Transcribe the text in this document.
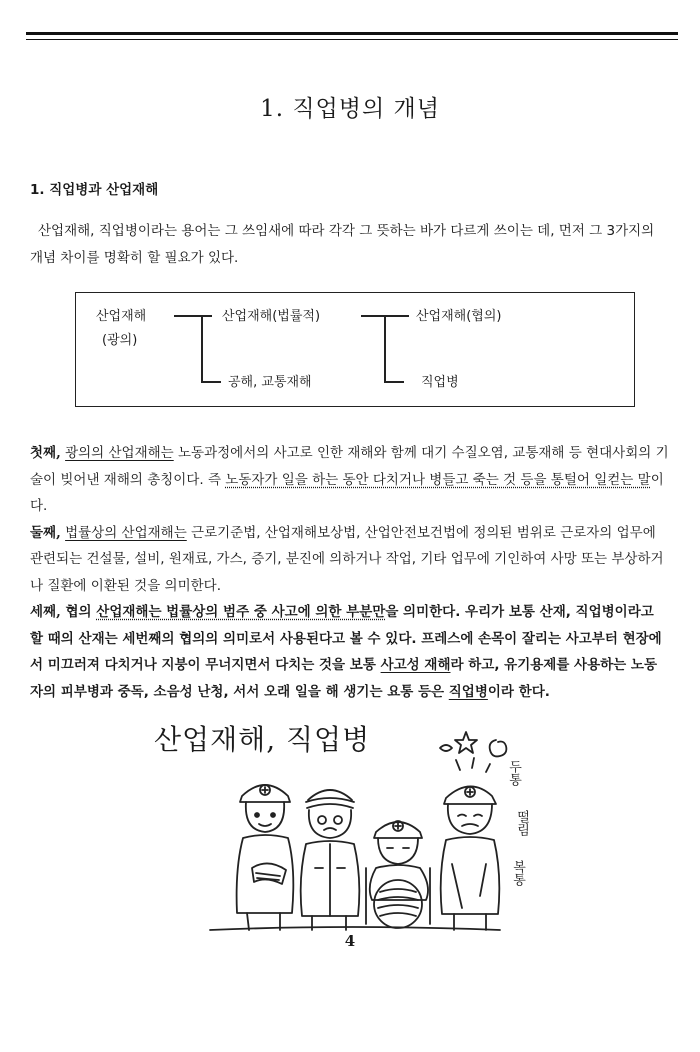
1. 직업병의 개념
1. 직업병과 산업재해

산업재해, 직업병이라는 용어는 그 쓰임새에 따라 각각 그 뜻하는 바가 다르게 쓰이는 데, 먼저 그 3가지의 개념 차이를 명확히 할 필요가 있다.

산업재해
(광의)
산업재해(법률적)
공해, 교통재해
산업재해(협의)
직업병

첫째, 광의의 산업재해는 노동과정에서의 사고로 인한 재해와 함께 대기 수질오염, 교통재해 등 현대사회의 기술이 빚어낸 재해의 총칭이다. 즉 노동자가 일을 하는 동안 다치거나 병들고 죽는 것 등을 통털어 일컫는 말이다.

둘째, 법률상의 산업재해는 근로기준법, 산업재해보상법, 산업안전보건법에 정의된 범위로 근로자의 업무에 관련되는 건설물, 설비, 원재료, 가스, 증기, 분진에 의하거나 작업, 기타 업무에 기인하여 사망 또는 부상하거나 질환에 이환된 것을 의미한다.

세째, 협의 산업재해는 법률상의 범주 중 사고에 의한 부분만을 의미한다. 우리가 보통 산재, 직업병이라고 할 때의 산재는 세번째의 협의의 의미로서 사용된다고 볼 수 있다. 프레스에 손목이 잘리는 사고부터 현장에서 미끄러져 다치거나 지붕이 무너지면서 다치는 것을 보통 사고성 재해라 하고, 유기용제를 사용하는 노동자의 피부병과 중독, 소음성 난청, 서서 오래 일을 해 생기는 요통 등은 직업병이라 한다.

산업재해, 직업병
두통
떨림
복통
4
